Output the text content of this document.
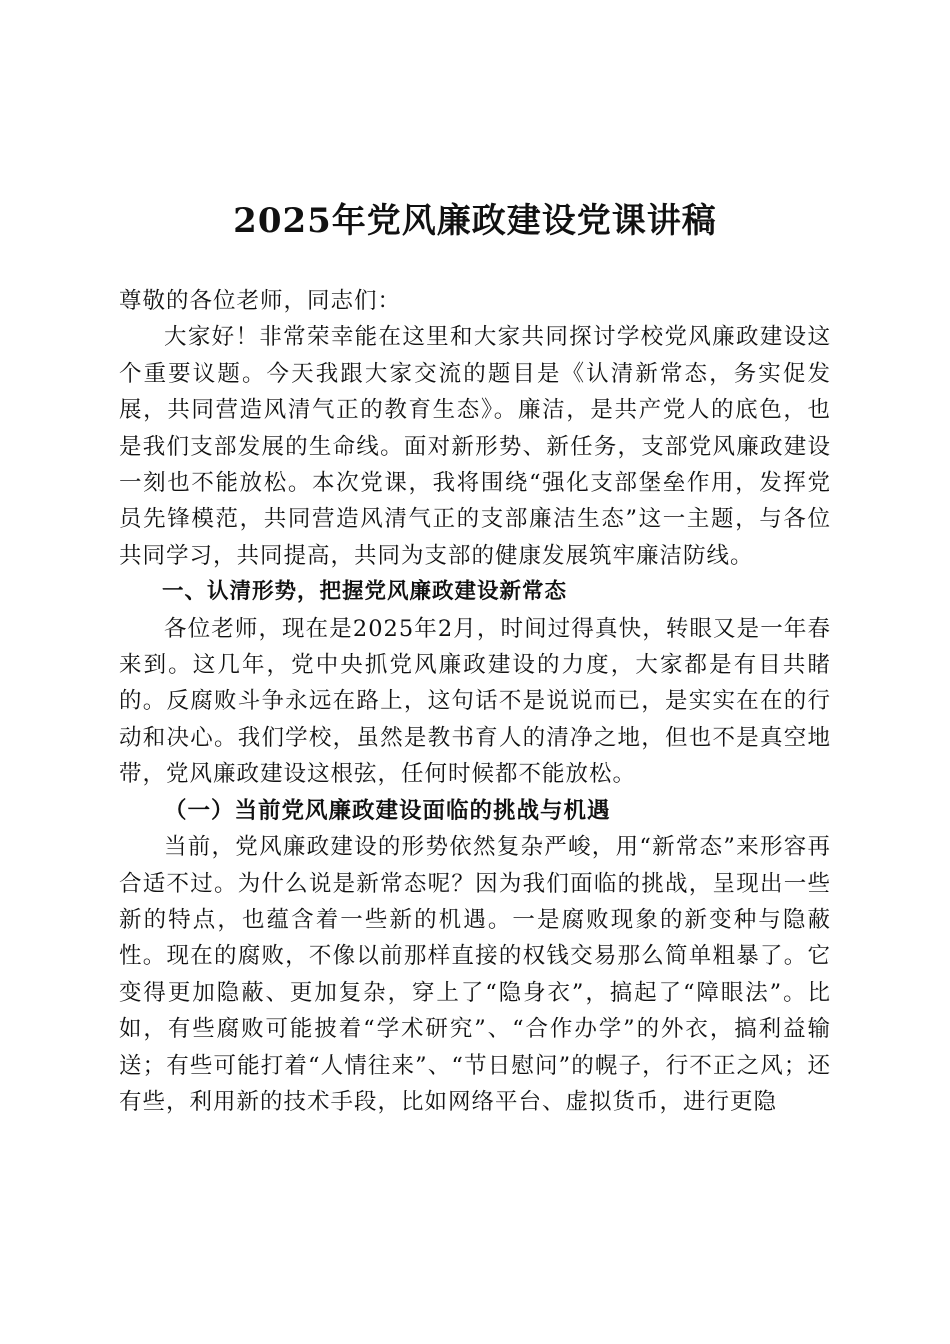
2025年党风廉政建设党课讲稿

尊敬的各位老师，同志们：

大家好！非常荣幸能在这里和大家共同探讨学校党风廉政建设这个重要议题。今天我跟大家交流的题目是《认清新常态，务实促发展，共同营造风清气正的教育生态》。廉洁，是共产党人的底色，也是我们支部发展的生命线。面对新形势、新任务，支部党风廉政建设一刻也不能放松。本次党课，我将围绕“强化支部堡垒作用，发挥党员先锋模范，共同营造风清气正的支部廉洁生态”这一主题，与各位共同学习，共同提高，共同为支部的健康发展筑牢廉洁防线。

一、认清形势，把握党风廉政建设新常态

各位老师，现在是2025年2月，时间过得真快，转眼又是一年春来到。这几年，党中央抓党风廉政建设的力度，大家都是有目共睹的。反腐败斗争永远在路上，这句话不是说说而已，是实实在在的行动和决心。我们学校，虽然是教书育人的清净之地，但也不是真空地带，党风廉政建设这根弦，任何时候都不能放松。

（一）当前党风廉政建设面临的挑战与机遇

当前，党风廉政建设的形势依然复杂严峻，用“新常态”来形容再合适不过。为什么说是新常态呢？因为我们面临的挑战，呈现出一些新的特点，也蕴含着一些新的机遇。一是腐败现象的新变种与隐蔽性。现在的腐败，不像以前那样直接的权钱交易那么简单粗暴了。它变得更加隐蔽、更加复杂，穿上了“隐身衣”，搞起了“障眼法”。比如，有些腐败可能披着“学术研究”、“合作办学”的外衣，搞利益输送；有些可能打着“人情往来”、“节日慰问”的幌子，行不正之风；还有些，利用新的技术手段，比如网络平台、虚拟货币，进行更隐
